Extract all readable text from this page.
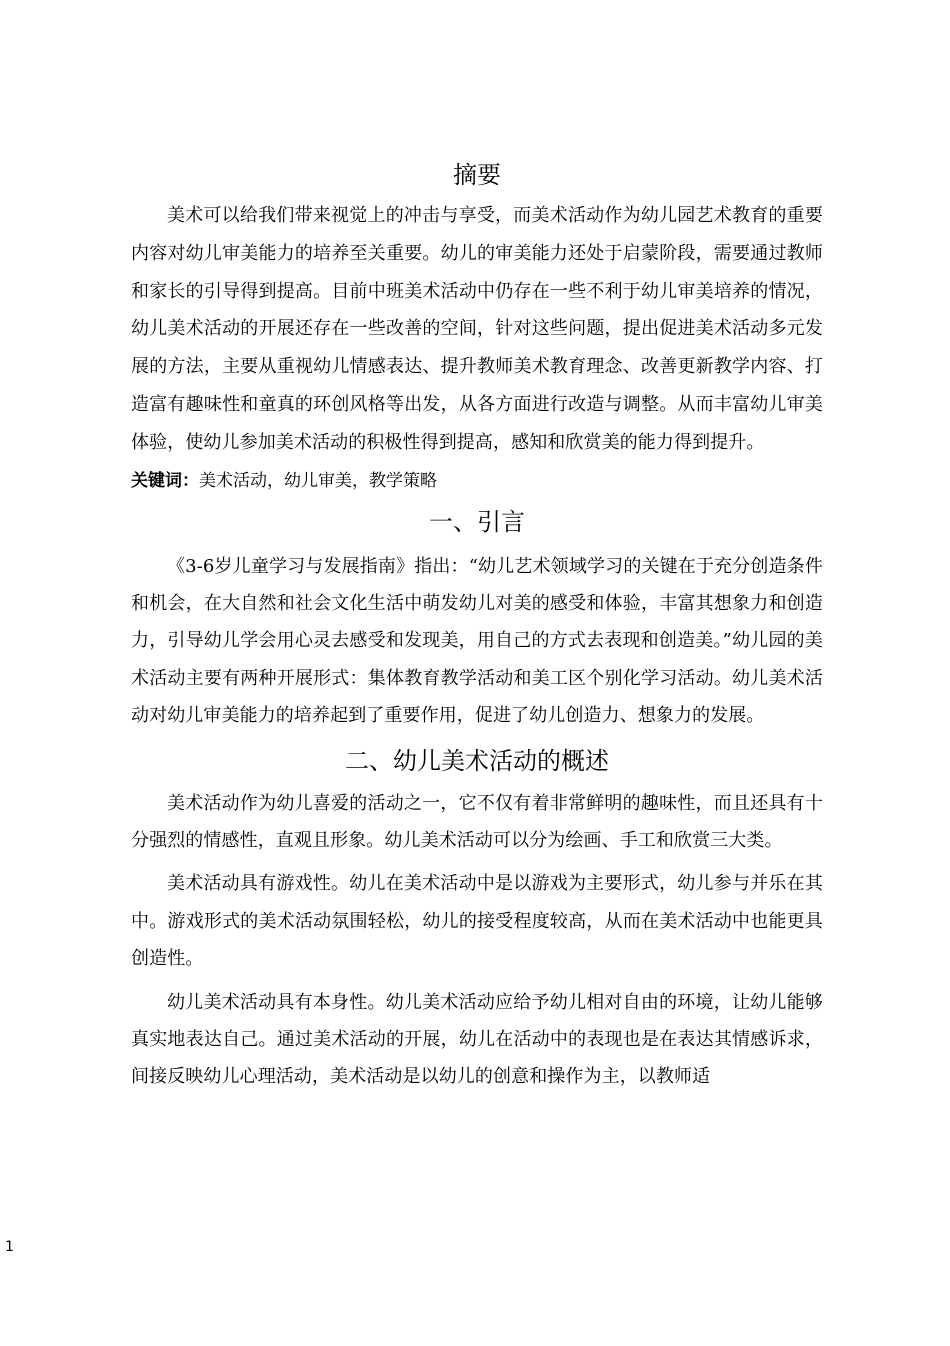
摘要

美术可以给我们带来视觉上的冲击与享受，而美术活动作为幼儿园艺术教育的重要内容对幼儿审美能力的培养至关重要。幼儿的审美能力还处于启蒙阶段，需要通过教师和家长的引导得到提高。目前中班美术活动中仍存在一些不利于幼儿审美培养的情况，幼儿美术活动的开展还存在一些改善的空间，针对这些问题，提出促进美术活动多元发展的方法，主要从重视幼儿情感表达、提升教师美术教育理念、改善更新教学内容、打造富有趣味性和童真的环创风格等出发，从各方面进行改造与调整。从而丰富幼儿审美体验，使幼儿参加美术活动的积极性得到提高，感知和欣赏美的能力得到提升。

关键词：美术活动，幼儿审美，教学策略

一、引言

《3-6岁儿童学习与发展指南》指出：“幼儿艺术领域学习的关键在于充分创造条件和机会，在大自然和社会文化生活中萌发幼儿对美的感受和体验，丰富其想象力和创造力，引导幼儿学会用心灵去感受和发现美，用自己的方式去表现和创造美。”幼儿园的美术活动主要有两种开展形式：集体教育教学活动和美工区个别化学习活动。幼儿美术活动对幼儿审美能力的培养起到了重要作用，促进了幼儿创造力、想象力的发展。

二、幼儿美术活动的概述

美术活动作为幼儿喜爱的活动之一，它不仅有着非常鲜明的趣味性，而且还具有十分强烈的情感性，直观且形象。幼儿美术活动可以分为绘画、手工和欣赏三大类。

美术活动具有游戏性。幼儿在美术活动中是以游戏为主要形式，幼儿参与并乐在其中。游戏形式的美术活动氛围轻松，幼儿的接受程度较高，从而在美术活动中也能更具创造性。

幼儿美术活动具有本身性。幼儿美术活动应给予幼儿相对自由的环境，让幼儿能够真实地表达自己。通过美术活动的开展，幼儿在活动中的表现也是在表达其情感诉求，间接反映幼儿心理活动，美术活动是以幼儿的创意和操作为主，以教师适

1
